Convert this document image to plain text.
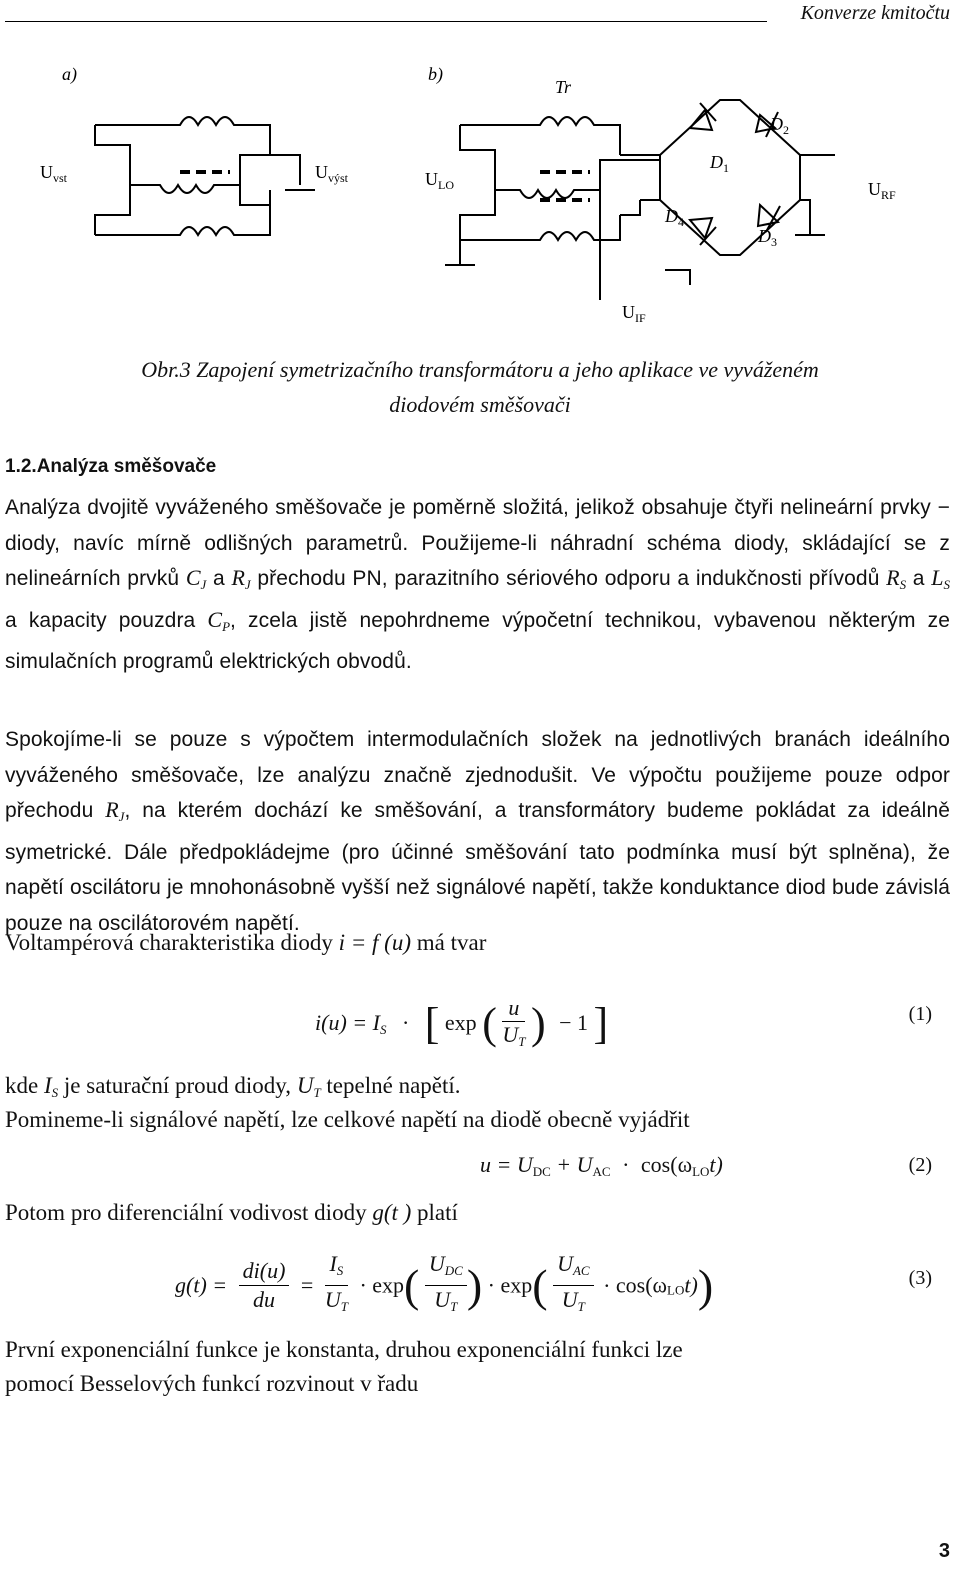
Konverze kmitočtu
a)	b)
Tr
$U_{vst}$	$U_{výst}$	$U_{LO}$	$U_{RF}$
$U_{IF}$
$D_1$
$D_2$
$D_3$
$D_4$
Obr.3 Zapojení symetrizačního transformátoru a jeho aplikace ve vyváženém
diodovém směšovači
1.2.Analýza směšovače

Analýza dvojitě vyváženého směšovače je poměrně složitá, jelikož obsahuje čtyři nelineární prvky − diody, navíc mírně odlišných parametrů. Použijeme-li náhradní schéma diody, skládající se z nelineárních prvků $C_J$ a $R_J$ přechodu PN, parazitního sériového odporu a indukčnosti přívodů $R_S$ a $L_S$ a kapacity pouzdra $C_P$, zcela jistě nepohrdneme výpočetní technikou, vybavenou některým ze simulačních programů elektrických obvodů.

Spokojíme-li se pouze s výpočtem intermodulačních složek na jednotlivých branách ideálního vyváženého směšovače, lze analýzu značně zjednodušit. Ve výpočtu použijeme pouze odpor přechodu $R_J$, na kterém dochází ke směšování, a transformátory budeme pokládat za ideálně symetrické. Dále předpokládejme (pro účinné směšování tato podmínka musí být splněna), že napětí oscilátoru je mnohonásobně vyšší než signálové napětí, takže konduktance diod bude závislá pouze na oscilátorovém napětí.

Voltampérová charakteristika diody i = f (u) má tvar
$i(u) = I_S$ · [ exp ( $\frac{u}{U_T}$ ) − 1 ]	(1)
kde $I_S$ je saturační proud diody, $U_T$ tepelné napětí.
Pomineme-li signálové napětí, lze celkové napětí na diodě obecně vyjádřit
$u = U_{DC} + U_{AC} \cdot \cos(\omega_{LO}t)$	(2)
Potom pro diferenciální vodivost diody g(t ) platí
$g(t) = \frac{di(u)}{du} = \frac{I_S}{U_T} \cdot \exp$( $U_{DC}$
$U_T$ ) · exp( $U_{AC}$
$U_T$
· $\cos(\omega_{LO}t)$)	(3)
První exponenciální funkce je konstanta, druhou exponenciální funkci lze
pomocí Besselových funkcí rozvinout v řadu
3
